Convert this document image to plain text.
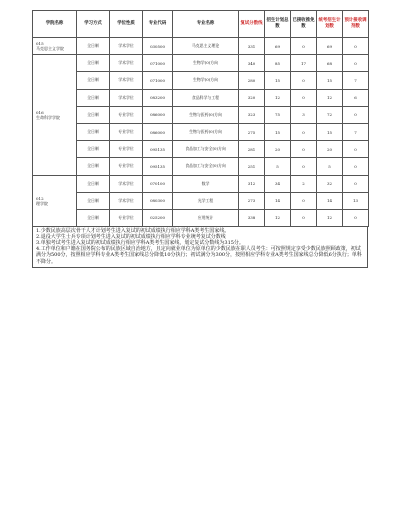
学院名称	学习方式	学位性质	专业代码	专业名称	复试分数线	招生计划总数	已接收推免数	统考招生计划数	预计接收调剂数
015
马克思主义学院	全日制	学术学位	030500	马克思主义理论	331	69	0	69	0
016
生命科学学院	全日制	学术学位	071000	生物学(0)方向	340	85	17	68	0
	全日制	学术学位	071000	生物学(0)方向	280	15	0	15	7
	全日制	学术学位	083200	食品科学与工程	320	12	0	12	6
	全日制	专业学位	086000	生物与医药(0)方向	323	75	3	72	0
	全日制	专业学位	086000	生物与医药(0)方向	275	15	0	15	7
	全日制	专业学位	095135	食品加工与安全(0)方向	281	20	0	20	0
	全日制	专业学位	095135	食品加工与安全(0)方向	251	5	0	5	0
012
理学院	全日制	学术学位	070100	数学	312	34	2	32	0
	全日制	学术学位	080300	光学工程	273	14	0	14	13
	全日制	专业学位	025200	应用统计	338	12	0	12	0
1.少数民族高层次骨干人才计划考生进入复试的初试成绩执行相应学科A类考生国家线。
2.退役大学生士兵专项计划考生进入复试的初试成绩执行相应学科专业统考复试分数线
3.单独考试考生进入复试的初试成绩执行相应学科A类考生国家线，划定复试分数线为315分。
4.工作单位和户籍在国务院公布的民族区域自治地方，且定向就业单位为原单位的少数民族在职人员考生：可按照规定享受少数民族照顾政策，初试满分为500分，按照相应学科专业A类考生国家线总分降低10分执行；初试满分为300分，按照相应学科专业A类考生国家线总分降低6分执行；单科不降分。
